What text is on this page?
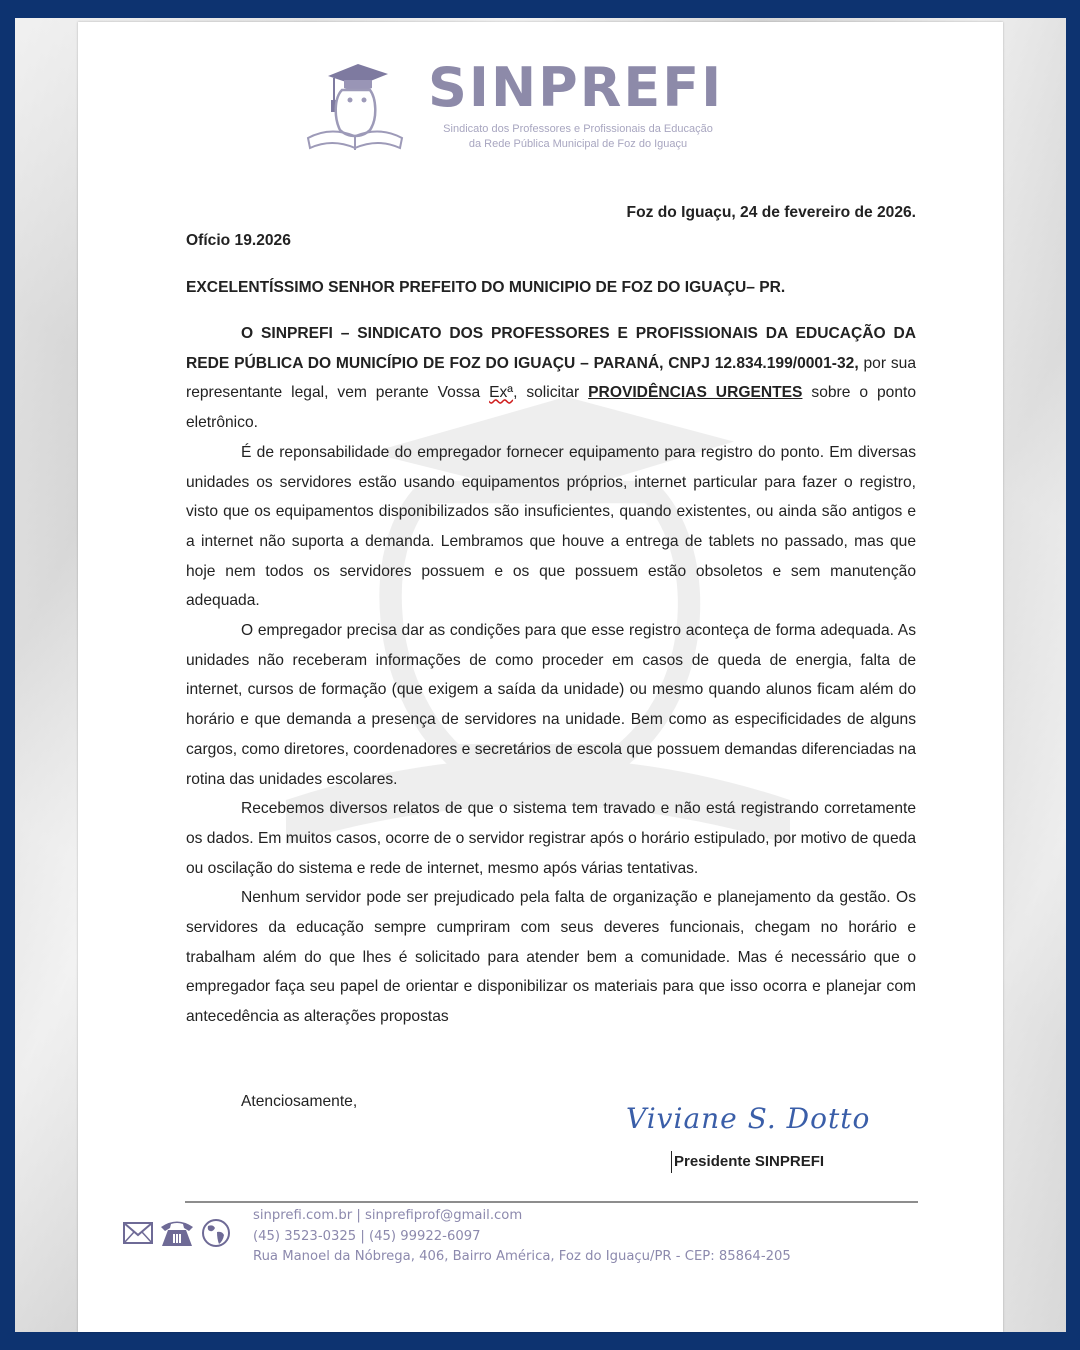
SINPREFI
Sindicato dos Professores e Profissionais da Educação
da Rede Pública Municipal de Foz do Iguaçu
Foz do Iguaçu, 24 de fevereiro de 2026.
Ofício 19.2026
EXCELENTÍSSIMO SENHOR PREFEITO DO MUNICIPIO DE FOZ DO IGUAÇU– PR.

O SINPREFI – SINDICATO DOS PROFESSORES E PROFISSIONAIS DA EDUCAÇÃO DA REDE PÚBLICA DO MUNICÍPIO DE FOZ DO IGUAÇU – PARANÁ, CNPJ 12.834.199/0001-32, por sua representante legal, vem perante Vossa Exª, solicitar PROVIDÊNCIAS URGENTES sobre o ponto eletrônico.

É de reponsabilidade do empregador fornecer equipamento para registro do ponto. Em diversas unidades os servidores estão usando equipamentos próprios, internet particular para fazer o registro, visto que os equipamentos disponibilizados são insuficientes, quando existentes, ou ainda são antigos e a internet não suporta a demanda. Lembramos que houve a entrega de tablets no passado, mas que hoje nem todos os servidores possuem e os que possuem estão obsoletos e sem manutenção adequada.

O empregador precisa dar as condições para que esse registro aconteça de forma adequada. As unidades não receberam informações de como proceder em casos de queda de energia, falta de internet, cursos de formação (que exigem a saída da unidade) ou mesmo quando alunos ficam além do horário e que demanda a presença de servidores na unidade. Bem como as especificidades de alguns cargos, como diretores, coordenadores e secretários de escola que possuem demandas diferenciadas na rotina das unidades escolares.

Recebemos diversos relatos de que o sistema tem travado e não está registrando corretamente os dados. Em muitos casos, ocorre de o servidor registrar após o horário estipulado, por motivo de queda ou oscilação do sistema e rede de internet, mesmo após várias tentativas.

Nenhum servidor pode ser prejudicado pela falta de organização e planejamento da gestão. Os servidores da educação sempre cumpriram com seus deveres funcionais, chegam no horário e trabalham além do que lhes é solicitado para atender bem a comunidade. Mas é necessário que o empregador faça seu papel de orientar e disponibilizar os materiais para que isso ocorra e planejar com antecedência as alterações propostas

Atenciosamente,
Viviane S. Dotto
Presidente SINPREFI
sinprefi.com.br | sinprefiprof@gmail.com
(45) 3523-0325 | (45) 99922-6097
Rua Manoel da Nóbrega, 406, Bairro América, Foz do Iguaçu/PR - CEP: 85864-205
